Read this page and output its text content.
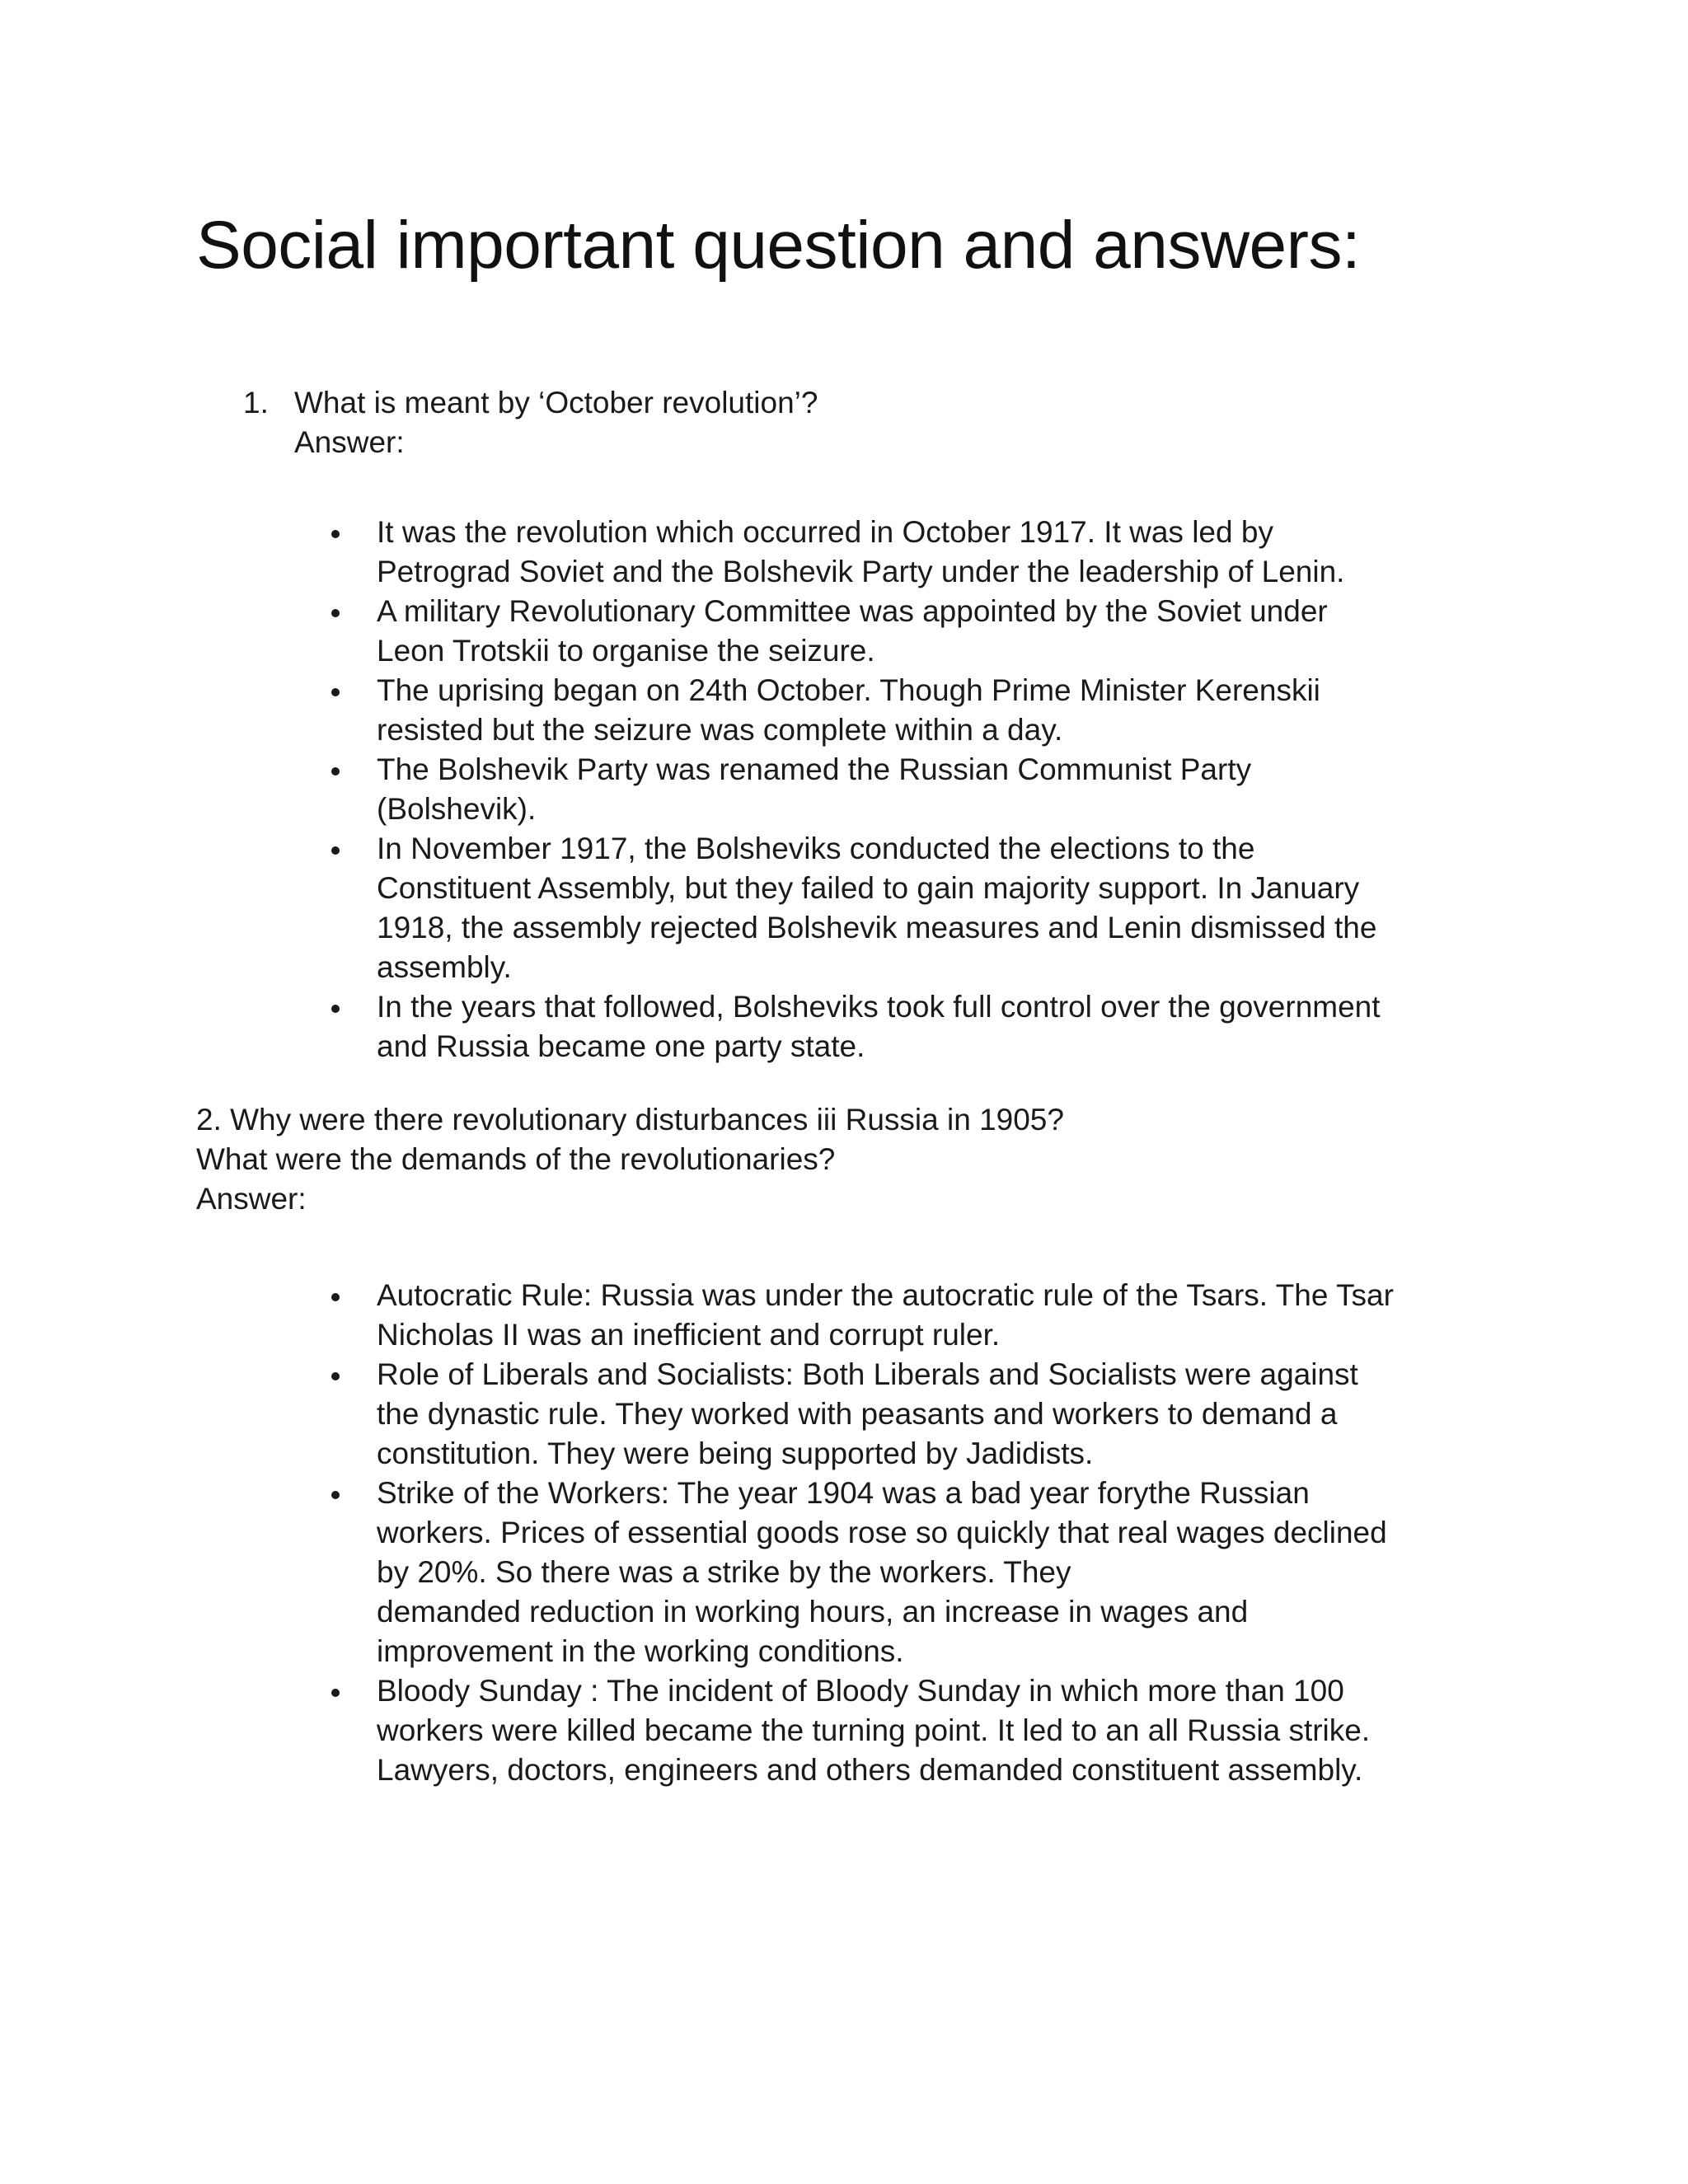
Social important question and answers:
1. What is meant by ‘October revolution’?
Answer:
It was the revolution which occurred in October 1917. It was led by
Petrograd Soviet and the Bolshevik Party under the leadership of Lenin.
A military Revolutionary Committee was appointed by the Soviet under
Leon Trotskii to organise the seizure.
The uprising began on 24th October. Though Prime Minister Kerenskii
resisted but the seizure was complete within a day.
The Bolshevik Party was renamed the Russian Communist Party
(Bolshevik).
In November 1917, the Bolsheviks conducted the elections to the
Constituent Assembly, but they failed to gain majority support. In January
1918, the assembly rejected Bolshevik measures and Lenin dismissed the
assembly.
In the years that followed, Bolsheviks took full control over the government
and Russia became one party state.
2. Why were there revolutionary disturbances iii Russia in 1905?
What were the demands of the revolutionaries?
Answer:
Autocratic Rule: Russia was under the autocratic rule of the Tsars. The Tsar
Nicholas II was an inefficient and corrupt ruler.
Role of Liberals and Socialists: Both Liberals and Socialists were against
the dynastic rule. They worked with peasants and workers to demand a
constitution. They were being supported by Jadidists.
Strike of the Workers: The year 1904 was a bad year forythe Russian
workers. Prices of essential goods rose so quickly that real wages declined
by 20%. So there was a strike by the workers. They
demanded reduction in working hours, an increase in wages and
improvement in the working conditions.
Bloody Sunday : The incident of Bloody Sunday in which more than 100
workers were killed became the turning point. It led to an all Russia strike.
Lawyers, doctors, engineers and others demanded constituent assembly.
